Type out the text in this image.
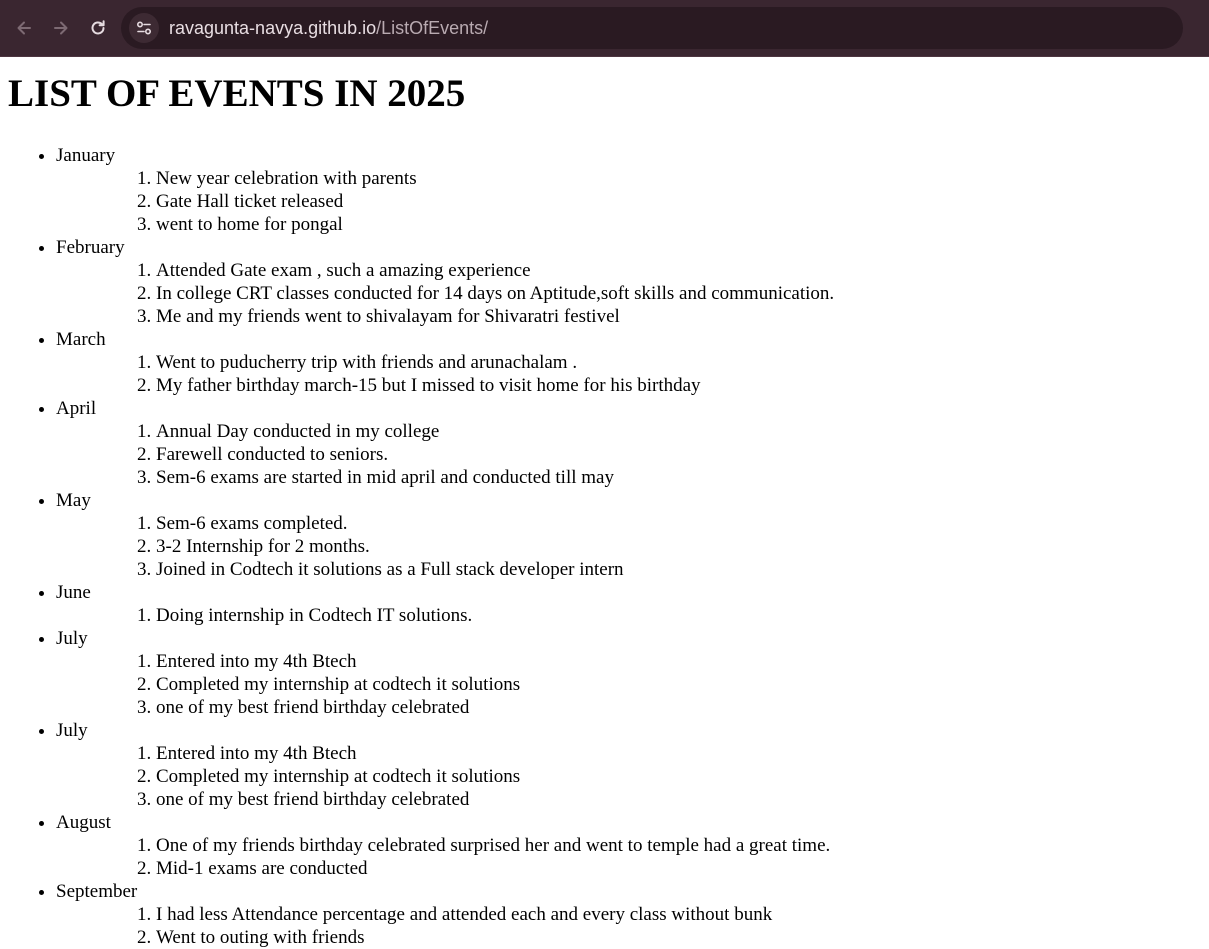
ravagunta-navya.github.io/ListOfEvents/
LIST OF EVENTS IN 2025
• January
1. New year celebration with parents
2. Gate Hall ticket released
3. went to home for pongal
• February
1. Attended Gate exam , such a amazing experience
2. In college CRT classes conducted for 14 days on Aptitude,soft skills and communication.
3. Me and my friends went to shivalayam for Shivaratri festivel
• March
1. Went to puducherry trip with friends and arunachalam .
2. My father birthday march-15 but I missed to visit home for his birthday
• April
1. Annual Day conducted in my college
2. Farewell conducted to seniors.
3. Sem-6 exams are started in mid april and conducted till may
• May
1. Sem-6 exams completed.
2. 3-2 Internship for 2 months.
3. Joined in Codtech it solutions as a Full stack developer intern
• June
1. Doing internship in Codtech IT solutions.
• July
1. Entered into my 4th Btech
2. Completed my internship at codtech it solutions
3. one of my best friend birthday celebrated
• July
1. Entered into my 4th Btech
2. Completed my internship at codtech it solutions
3. one of my best friend birthday celebrated
• August
1. One of my friends birthday celebrated surprised her and went to temple had a great time.
2. Mid-1 exams are conducted
• September
1. I had less Attendance percentage and attended each and every class without bunk
2. Went to outing with friends
